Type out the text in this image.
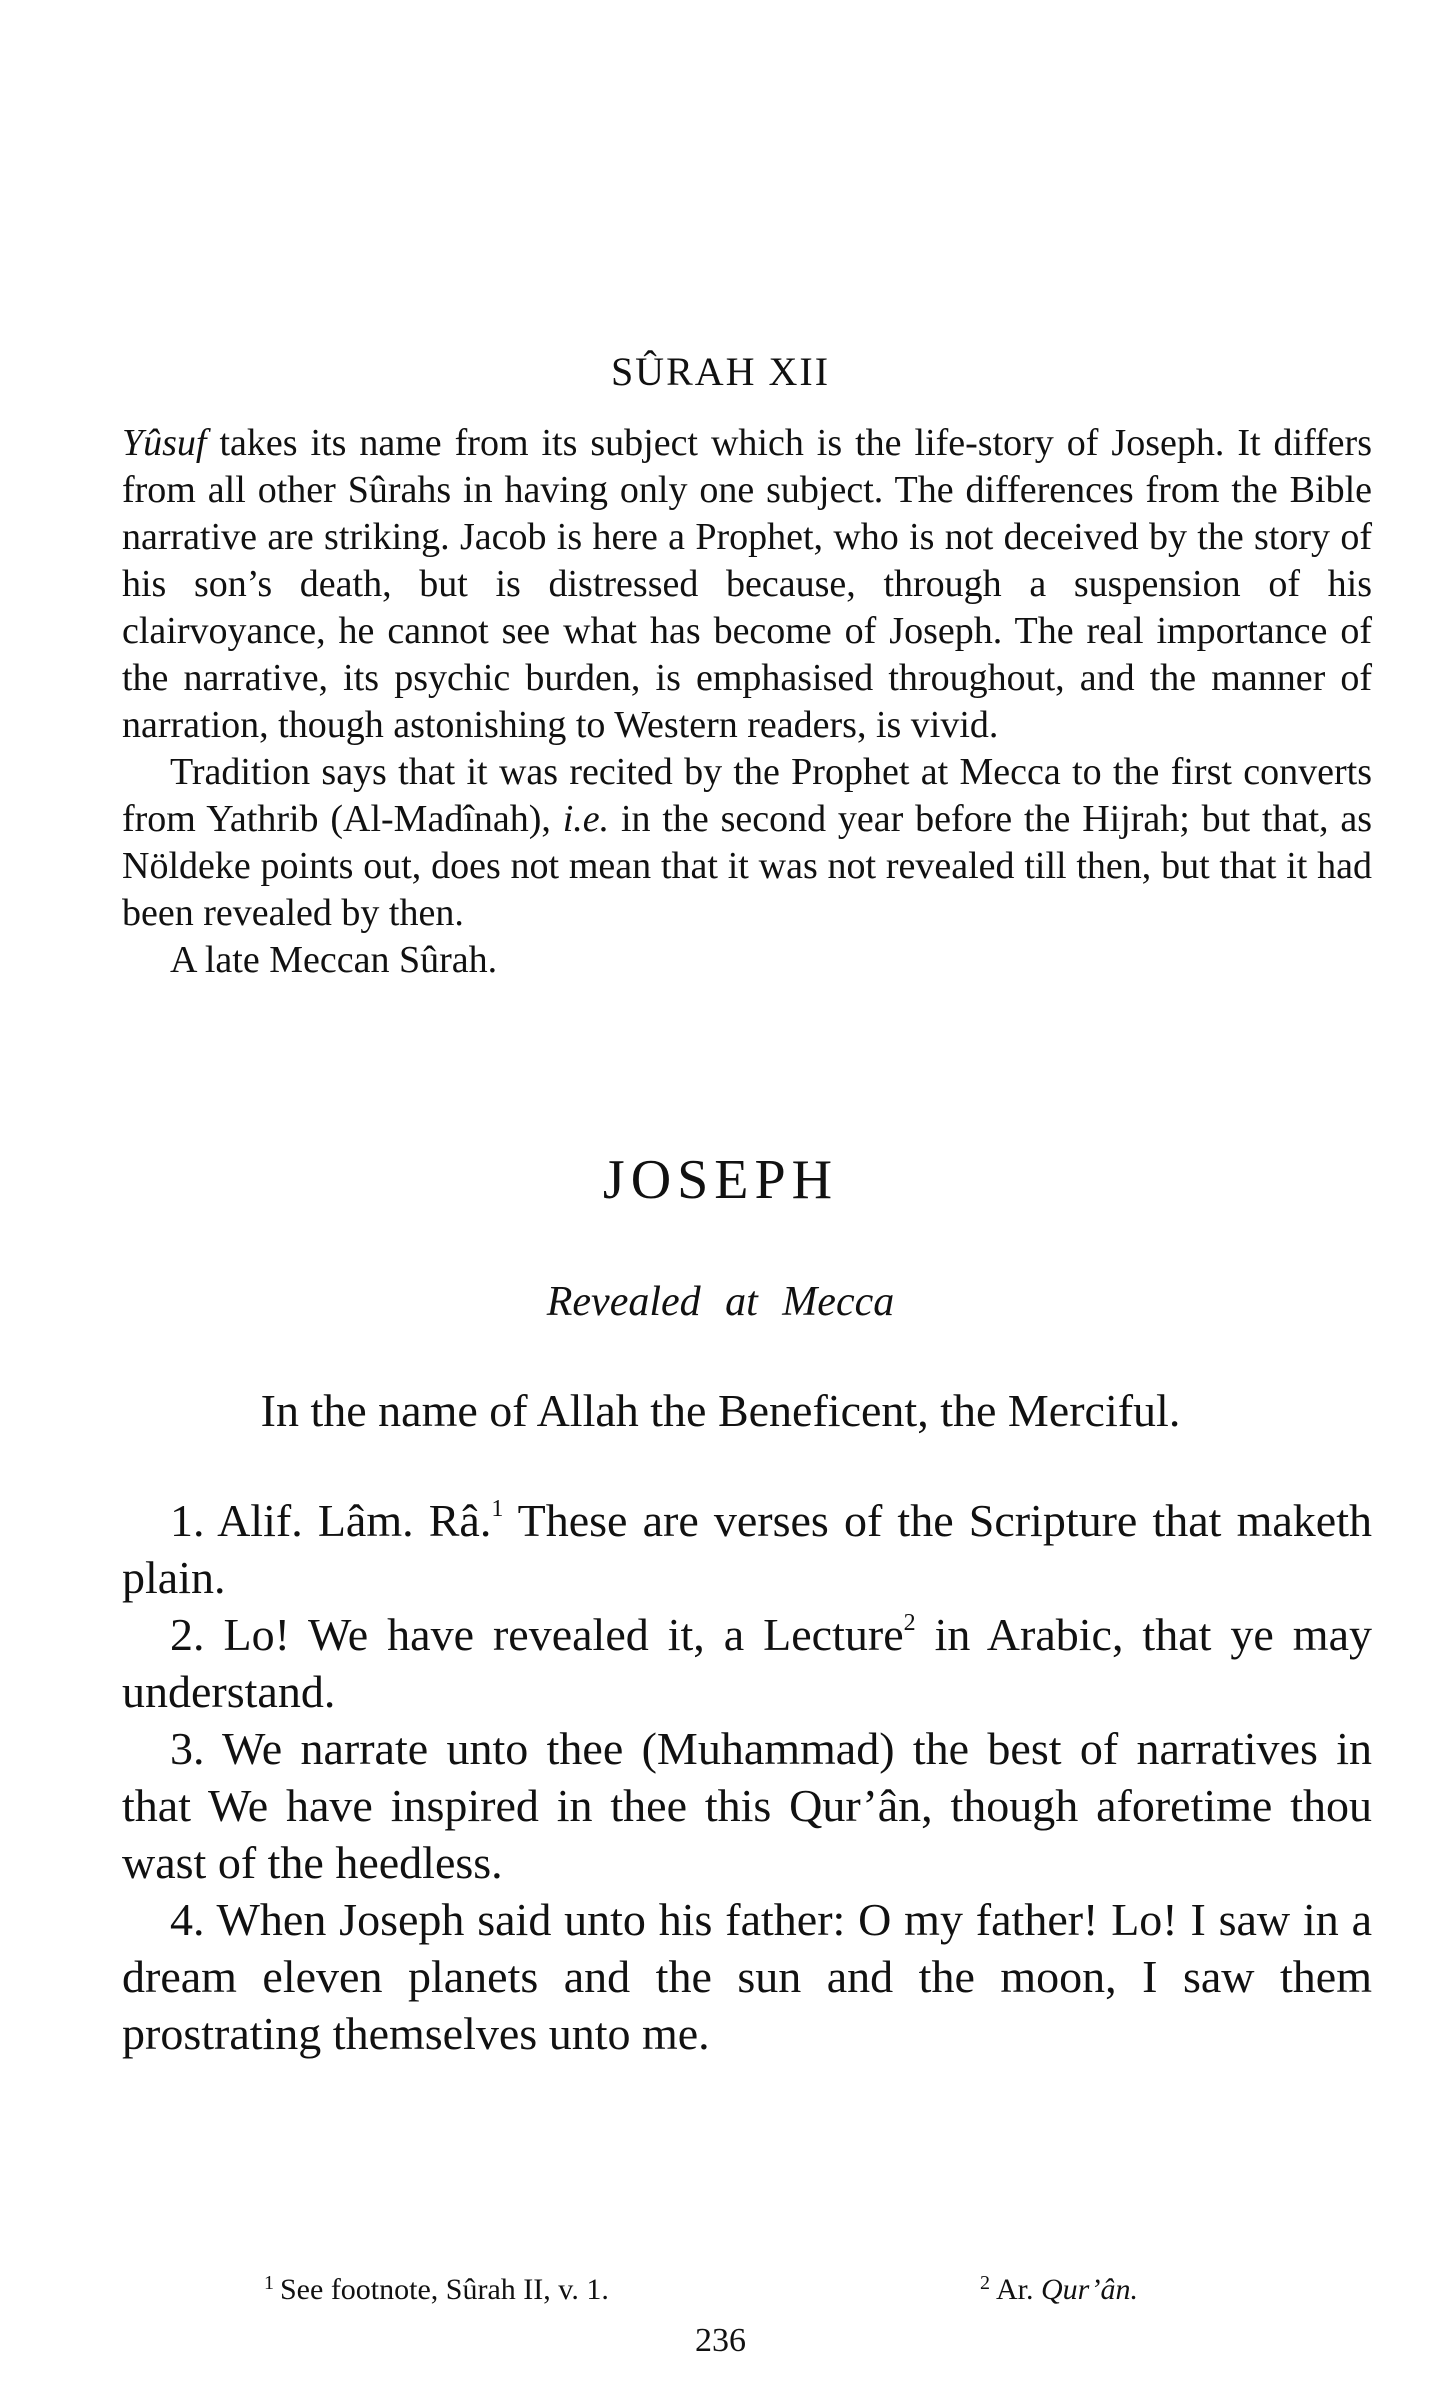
SÛRAH XII

Yûsuf takes its name from its subject which is the life-story of Joseph. It differs from all other Sûrahs in having only one subject. The differences from the Bible narrative are striking. Jacob is here a Prophet, who is not deceived by the story of his son’s death, but is distressed because, through a suspension of his clairvoyance, he cannot see what has become of Joseph. The real importance of the narrative, its psychic burden, is emphasised throughout, and the manner of narration, though astonishing to Western readers, is vivid.

Tradition says that it was recited by the Prophet at Mecca to the first converts from Yathrib (Al-Madînah), i.e. in the second year before the Hijrah; but that, as Nöldeke points out, does not mean that it was not revealed till then, but that it had been revealed by then.

A late Meccan Sûrah.

JOSEPH
Revealed at Mecca
In the name of Allah the Beneficent, the Merciful.

1. Alif. Lâm. Râ.$^1$ These are verses of the Scripture that maketh plain.

2. Lo! We have revealed it, a Lecture$^2$ in Arabic, that ye may understand.

3. We narrate unto thee (Muhammad) the best of narratives in that We have inspired in thee this Qur’ân, though aforetime thou wast of the heedless.

4. When Joseph said unto his father: O my father! Lo! I saw in a dream eleven planets and the sun and the moon, I saw them prostrating themselves unto me.

$^1$ See footnote, Sûrah II, v. 1.	$^2$ Ar. Qur’ân.
236
